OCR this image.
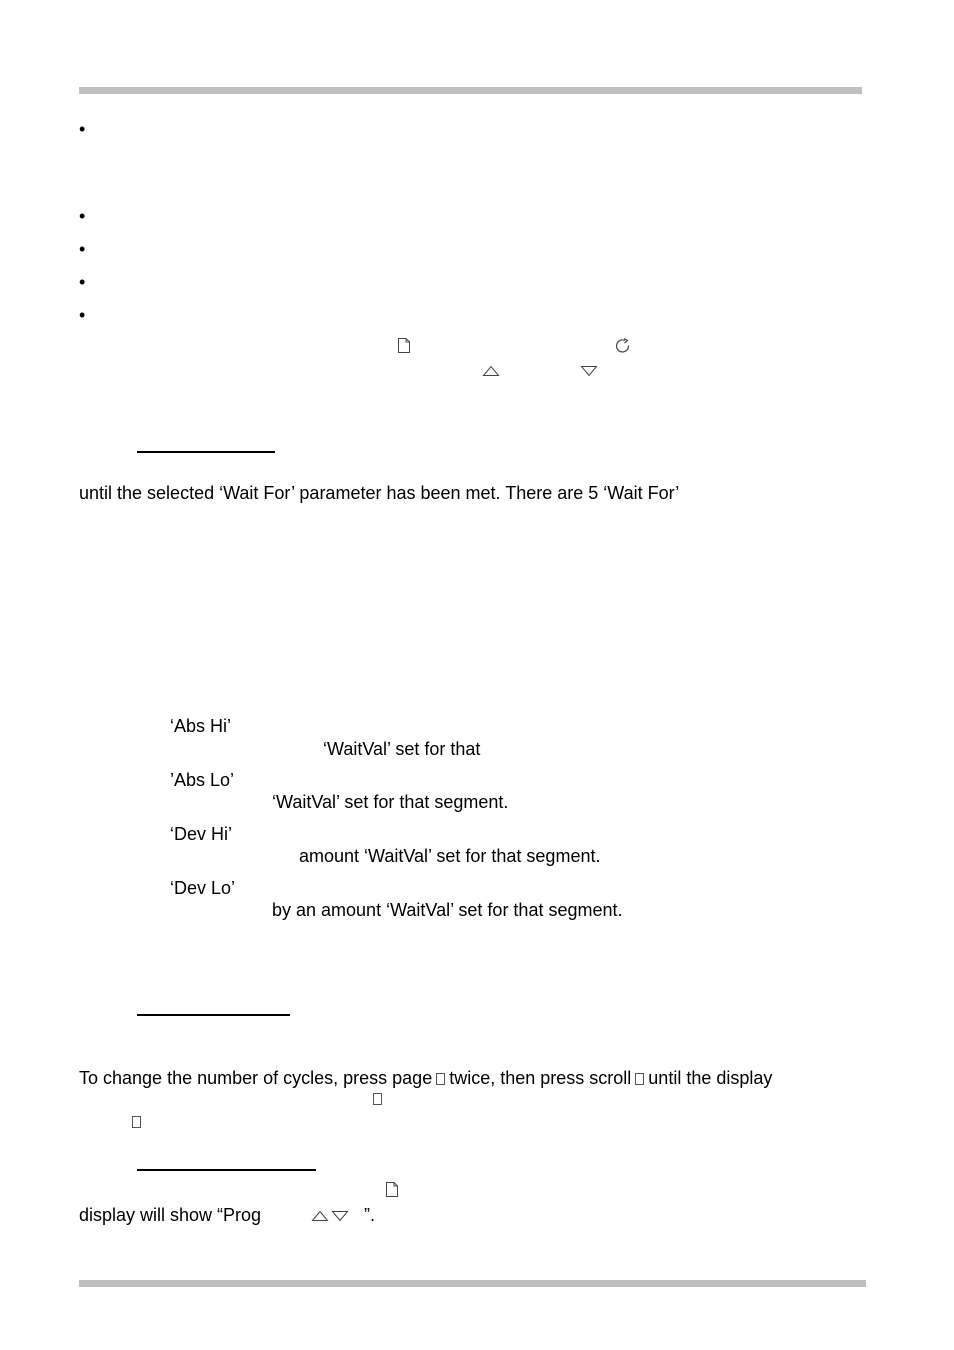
•
•
•
•
•
until the selected ‘Wait For’ parameter has been met. There are 5 ‘Wait For’
‘Abs Hi’
‘WaitVal’ set for that
’Abs Lo’
‘WaitVal’ set for that segment.
‘Dev Hi’
amount ‘WaitVal’ set for that segment.
‘Dev Lo’
by an amount ‘WaitVal’ set for that segment.
To change the number of cycles, press page twice, then press scroll until the display
display will show “Prog	”.
